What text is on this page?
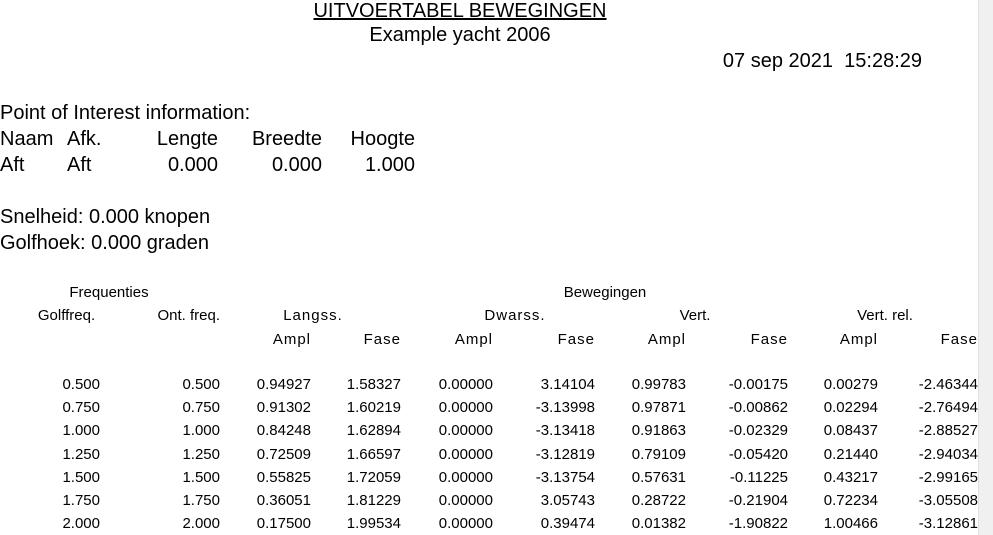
UITVOERTABEL BEWEGINGEN
Example yacht 2006
07 sep 2021 15:28:29
Point of Interest information:
Naam Afk.	Lengte	Breedte	Hoogte
Aft Aft	0.000	0.000	1.000
Snelheid: 0.000 knopen
Golfhoek: 0.000 graden
Frequenties	Bewegingen
Golffreq.	Ont. freq.	Langss.	Dwarss.	Vert.	Vert. rel.
Ampl	Fase	Ampl	Fase	Ampl	Fase	Ampl	Fase
0.500	0.500	0.94927	1.58327	0.00000	3.14104	0.99783	-0.00175	0.00279	-2.46344
0.750	0.750	0.91302	1.60219	0.00000	-3.13998	0.97871	-0.00862	0.02294	-2.76494
1.000	1.000	0.84248	1.62894	0.00000	-3.13418	0.91863	-0.02329	0.08437	-2.88527
1.250	1.250	0.72509	1.66597	0.00000	-3.12819	0.79109	-0.05420	0.21440	-2.94034
1.500	1.500	0.55825	1.72059	0.00000	-3.13754	0.57631	-0.11225	0.43217	-2.99165
1.750	1.750	0.36051	1.81229	0.00000	3.05743	0.28722	-0.21904	0.72234	-3.05508
2.000	2.000	0.17500	1.99534	0.00000	0.39474	0.01382	-1.90822	1.00466	-3.12861
